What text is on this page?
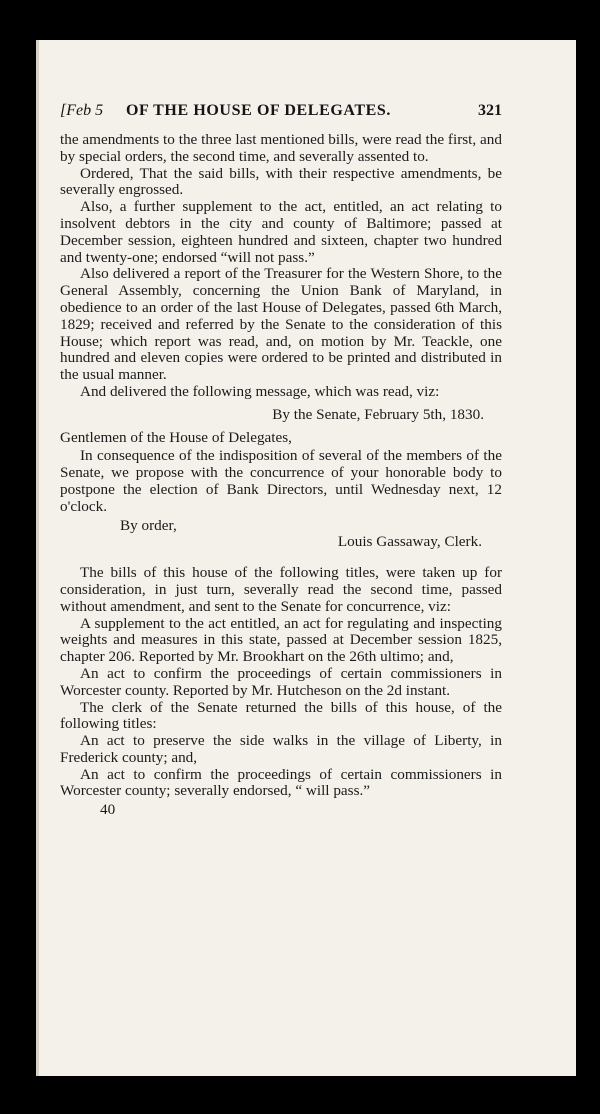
[Feb 5 OF THE HOUSE OF DELEGATES.	321

the amendments to the three last mentioned bills, were read the first, and by special orders, the second time, and severally assented to.

Ordered, That the said bills, with their respective amendments, be severally engrossed.

Also, a further supplement to the act, entitled, an act relating to insolvent debtors in the city and county of Baltimore; passed at December session, eighteen hundred and sixteen, chapter two hundred and twenty-one; endorsed “will not pass.”

Also delivered a report of the Treasurer for the Western Shore, to the General Assembly, concerning the Union Bank of Maryland, in obedience to an order of the last House of Delegates, passed 6th March, 1829; received and referred by the Senate to the consideration of this House; which report was read, and, on motion by Mr. Teackle, one hundred and eleven copies were ordered to be printed and distributed in the usual manner.

And delivered the following message, which was read, viz:

By the Senate, February 5th, 1830.

Gentlemen of the House of Delegates,

In consequence of the indisposition of several of the members of the Senate, we propose with the concurrence of your honorable body to postpone the election of Bank Directors, until Wednesday next, 12 o'clock.

By order,

Louis Gassaway, Clerk.

The bills of this house of the following titles, were taken up for consideration, in just turn, severally read the second time, passed without amendment, and sent to the Senate for concurrence, viz:

A supplement to the act entitled, an act for regulating and inspecting weights and measures in this state, passed at December session 1825, chapter 206. Reported by Mr. Brookhart on the 26th ultimo; and,

An act to confirm the proceedings of certain commissioners in Worcester county. Reported by Mr. Hutcheson on the 2d instant.

The clerk of the Senate returned the bills of this house, of the following titles:

An act to preserve the side walks in the village of Liberty, in Frederick county; and,

An act to confirm the proceedings of certain commissioners in Worcester county; severally endorsed, “ will pass.”

40
